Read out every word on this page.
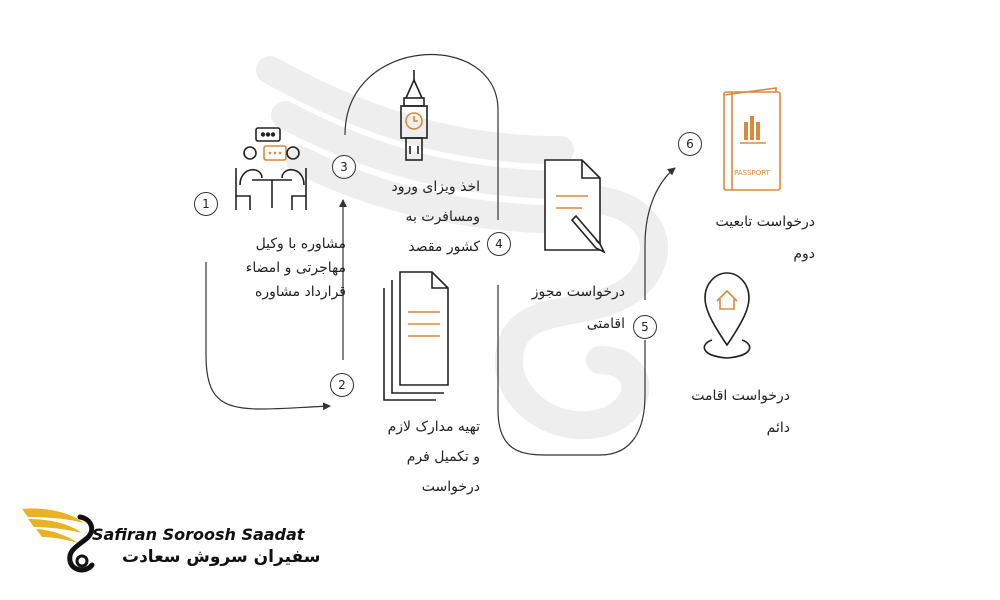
PASSPORT
1
2
3
4
5
6
مشاوره با وکیل
مهاجرتی و امضاء
قرارداد مشاوره
تهیه مدارک لازم
و تکمیل فرم
درخواست
اخذ ویزای ورود
ومسافرت به
کشور مقصد
درخواست مجوز
اقامتی
درخواست اقامت
دائم
درخواست تابعیت
دوم
Safiran Soroosh Saadat
سفیران سروش سعادت
